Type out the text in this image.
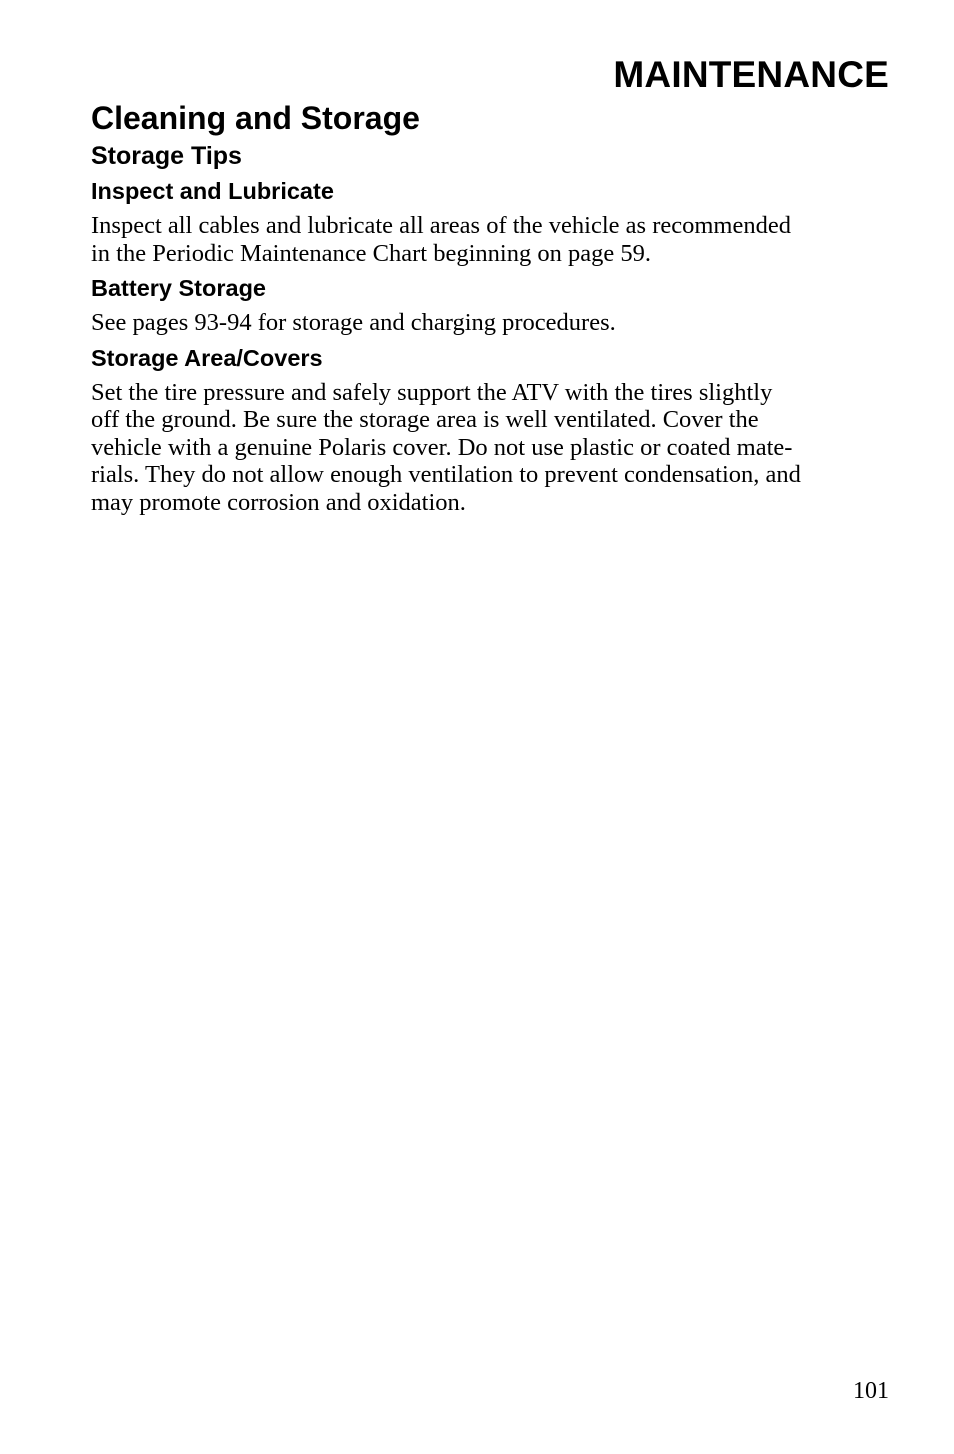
MAINTENANCE
Cleaning and Storage
Storage Tips
Inspect and Lubricate

Inspect all cables and lubricate all areas of the vehicle as recommended
in the Periodic Maintenance Chart beginning on page 59.

Battery Storage

See pages 93-94 for storage and charging procedures.

Storage Area/Covers

Set the tire pressure and safely support the ATV with the tires slightly
off the ground. Be sure the storage area is well ventilated. Cover the
vehicle with a genuine Polaris cover. Do not use plastic or coated mate-
rials. They do not allow enough ventilation to prevent condensation, and
may promote corrosion and oxidation.

101
